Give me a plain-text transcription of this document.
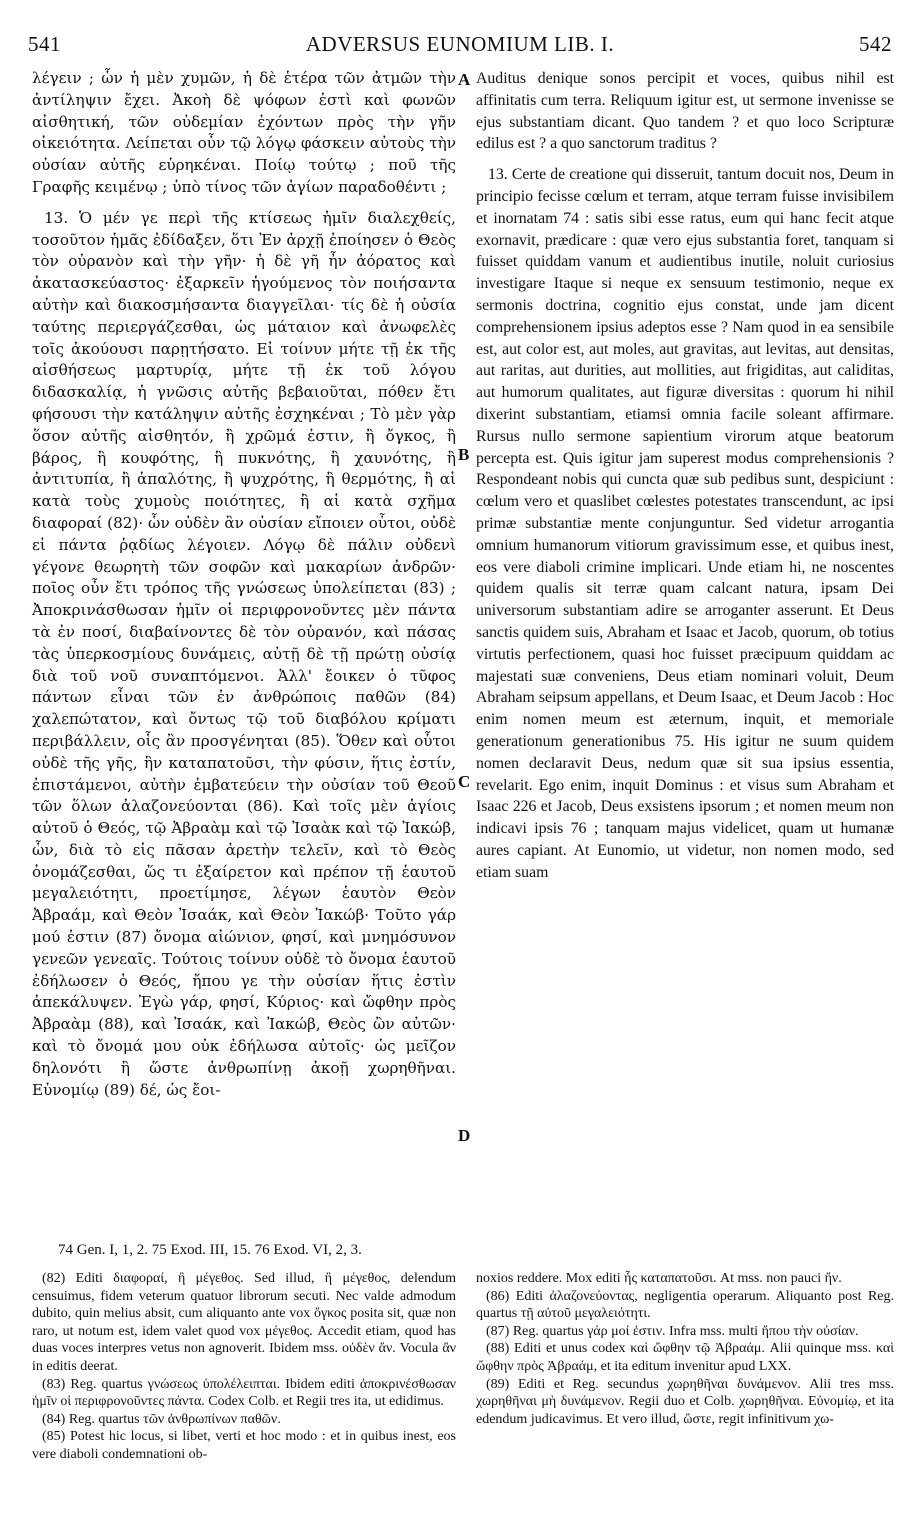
541	ADVERSUS EUNOMIUM LIB. I.	542

λέγειν ; ὧν ἡ μὲν χυμῶν, ἡ δὲ ἑτέρα τῶν ἀτμῶν τὴν ἀντίληψιν ἔχει. Ἀκοὴ δὲ ψόφων ἐστὶ καὶ φωνῶν αἰσθητική, τῶν οὐδεμίαν ἐχόντων πρὸς τὴν γῆν οἰκειότητα. Λείπεται οὖν τῷ λόγῳ φάσκειν αὐτοὺς τὴν οὐσίαν αὐτῆς εὑρηκέναι. Ποίῳ τούτῳ ; ποῦ τῆς Γραφῆς κειμένῳ ; ὑπὸ τίνος τῶν ἁγίων παραδοθέντι ;

13. Ὁ μέν γε περὶ τῆς κτίσεως ἡμῖν διαλεχθείς, τοσοῦτον ἡμᾶς ἐδίδαξεν, ὅτι Ἐν ἀρχῇ ἐποίησεν ὁ Θεὸς τὸν οὐρανὸν καὶ τὴν γῆν· ἡ δὲ γῆ ἦν ἀόρατος καὶ ἀκατασκεύαστος· ἐξαρκεῖν ἡγούμενος τὸν ποιήσαντα αὐτὴν καὶ διακοσμήσαντα διαγγεῖλαι· τίς δὲ ἡ οὐσία ταύτης περιεργάζεσθαι, ὡς μάταιον καὶ ἀνωφελὲς τοῖς ἀκούουσι παρῃτήσατο. Εἰ τοίνυν μήτε τῇ ἐκ τῆς αἰσθήσεως μαρτυρίᾳ, μήτε τῇ ἐκ τοῦ λόγου διδασκαλίᾳ, ἡ γνῶσις αὐτῆς βεβαιοῦται, πόθεν ἔτι φήσουσι τὴν κατάληψιν αὐτῆς ἐσχηκέναι ; Τὸ μὲν γὰρ ὅσον αὐτῆς αἰσθητόν, ἢ χρῶμά ἐστιν, ἢ ὄγκος, ἢ βάρος, ἢ κουφότης, ἢ πυκνότης, ἢ χαυνότης, ἢ ἀντιτυπία, ἢ ἁπαλότης, ἢ ψυχρότης, ἢ θερμότης, ἢ αἱ κατὰ τοὺς χυμοὺς ποιότητες, ἢ αἱ κατὰ σχῆμα διαφοραί (82)· ὧν οὐδὲν ἂν οὐσίαν εἴποιεν οὗτοι, οὐδὲ εἰ πάντα ῥᾳδίως λέγοιεν. Λόγῳ δὲ πάλιν οὐδενὶ γέγονε θεωρητὴ τῶν σοφῶν καὶ μακαρίων ἀνδρῶν· ποῖος οὖν ἔτι τρόπος τῆς γνώσεως ὑπολείπεται (83) ; Ἀποκρινάσθωσαν ἡμῖν οἱ περιφρονοῦντες μὲν πάντα τὰ ἐν ποσί, διαβαίνοντες δὲ τὸν οὐρανόν, καὶ πάσας τὰς ὑπερκοσμίους δυνάμεις, αὐτῇ δὲ τῇ πρώτῃ οὐσίᾳ διὰ τοῦ νοῦ συναπτόμενοι. Ἀλλ' ἔοικεν ὁ τῦφος πάντων εἶναι τῶν ἐν ἀνθρώποις παθῶν (84) χαλεπώτατον, καὶ ὄντως τῷ τοῦ διαβόλου κρίματι περιβάλλειν, οἷς ἂν προσγένηται (85). Ὅθεν καὶ οὗτοι οὐδὲ τῆς γῆς, ἣν καταπατοῦσι, τὴν φύσιν, ἥτις ἐστίν, ἐπιστάμενοι, αὐτὴν ἐμβατεύειν τὴν οὐσίαν τοῦ Θεοῦ τῶν ὅλων ἀλαζονεύονται (86). Καὶ τοῖς μὲν ἁγίοις αὐτοῦ ὁ Θεός, τῷ Ἀβραὰμ καὶ τῷ Ἰσαὰκ καὶ τῷ Ἰακώβ, ὧν, διὰ τὸ εἰς πᾶσαν ἀρετὴν τελεῖν, καὶ τὸ Θεὸς ὀνομάζεσθαι, ὥς τι ἐξαίρετον καὶ πρέπον τῇ ἑαυτοῦ μεγαλειότητι, προετίμησε, λέγων ἑαυτὸν Θεὸν Ἀβραάμ, καὶ Θεὸν Ἰσαάκ, καὶ Θεὸν Ἰακώβ· Τοῦτο γάρ μού ἐστιν (87) ὄνομα αἰώνιον, φησί, καὶ μνημόσυνον γενεῶν γενεαῖς. Τούτοις τοίνυν οὐδὲ τὸ ὄνομα ἑαυτοῦ ἐδήλωσεν ὁ Θεός, ἤπου γε τὴν οὐσίαν ἥτις ἐστὶν ἀπεκάλυψεν. Ἐγὼ γάρ, φησί, Κύριος· καὶ ὤφθην πρὸς Ἀβραὰμ (88), καὶ Ἰσαάκ, καὶ Ἰακώβ, Θεὸς ὢν αὐτῶν· καὶ τὸ ὄνομά μου οὐκ ἐδήλωσα αὐτοῖς· ὡς μεῖζον δηλονότι ἢ ὥστε ἀνθρωπίνῃ ἀκοῇ χωρηθῆναι. Εὐνομίῳ (89) δέ, ὡς ἔοι-

A
B
C
D

Auditus denique sonos percipit et voces, quibus nihil est affinitatis cum terra. Reliquum igitur est, ut sermone invenisse se ejus substantiam dicant. Quo tandem ? et quo loco Scripturæ edilus est ? a quo sanctorum traditus ?

13. Certe de creatione qui disseruit, tantum docuit nos, Deum in principio fecisse cœlum et terram, atque terram fuisse invisibilem et inornatam 74 : satis sibi esse ratus, eum qui hanc fecit atque exornavit, prædicare : quæ vero ejus substantia foret, tanquam si fuisset quiddam vanum et audientibus inutile, noluit curiosius investigare Itaque si neque ex sensuum testimonio, neque ex sermonis doctrina, cognitio ejus constat, unde jam dicent comprehensionem ipsius adeptos esse ? Nam quod in ea sensibile est, aut color est, aut moles, aut gravitas, aut levitas, aut densitas, aut raritas, aut durities, aut mollities, aut frigiditas, aut caliditas, aut humorum qualitates, aut figuræ diversitas : quorum hi nihil dixerint substantiam, etiamsi omnia facile soleant affirmare. Rursus nullo sermone sapientium virorum atque beatorum percepta est. Quis igitur jam superest modus comprehensionis ? Respondeant nobis qui cuncta quæ sub pedibus sunt, despiciunt : cœlum vero et quaslibet cœlestes potestates transcendunt, ac ipsi primæ substantiæ mente conjunguntur. Sed videtur arrogantia omnium humanorum vitiorum gravissimum esse, et quibus inest, eos vere diaboli crimine implicari. Unde etiam hi, ne noscentes quidem qualis sit terræ quam calcant natura, ipsam Dei universorum substantiam adire se arroganter asserunt. Et Deus sanctis quidem suis, Abraham et Isaac et Jacob, quorum, ob totius virtutis perfectionem, quasi hoc fuisset præcipuum quiddam ac majestati suæ conveniens, Deus etiam nominari voluit, Deum Abraham seipsum appellans, et Deum Isaac, et Deum Jacob : Hoc enim nomen meum est æternum, inquit, et memoriale generationum generationibus 75. His igitur ne suum quidem nomen declaravit Deus, nedum quæ sit sua ipsius essentia, revelarit. Ego enim, inquit Dominus : et visus sum Abraham et Isaac 226 et Jacob, Deus exsistens ipsorum ; et nomen meum non indicavi ipsis 76 ; tanquam majus videlicet, quam ut humanæ aures capiant. At Eunomio, ut videtur, non nomen modo, sed etiam suam

74 Gen. I, 1, 2. 75 Exod. III, 15. 76 Exod. VI, 2, 3.

(82) Editi διαφοραί, ἢ μέγεθος. Sed illud, ἢ μέγεθος, delendum censuimus, fidem veterum quatuor librorum secuti. Nec valde admodum dubito, quin melius absit, cum aliquanto ante vox ὄγκος posita sit, quæ non raro, ut notum est, idem valet quod vox μέγεθος. Accedit etiam, quod has duas voces interpres vetus non agnoverit. Ibidem mss. οὐδὲν ἄν. Vocula ἂν in editis deerat.

(83) Reg. quartus γνώσεως ὑπολέλειπται. Ibidem editi ἀποκρινέσθωσαν ἡμῖν οἱ περιφρονοῦντες πάντα. Codex Colb. et Regii tres ita, ut edidimus.

(84) Reg. quartus τῶν ἀνθρωπίνων παθῶν.

(85) Potest hic locus, si libet, verti et hoc modo : et in quibus inest, eos vere diaboli condemnationi ob-

noxios reddere. Mox editi ἧς καταπατοῦσι. At mss. non pauci ἥν.

(86) Editi ἀλαζονεύοντας, negligentia operarum. Aliquanto post Reg. quartus τῇ αὐτοῦ μεγαλειότητι.

(87) Reg. quartus γάρ μοί ἐστιν. Infra mss. multi ἤπου τὴν οὐσίαν.

(88) Editi et unus codex καὶ ὤφθην τῷ Ἀβραάμ. Alii quinque mss. καὶ ὤφθην πρὸς Ἀβραάμ, et ita editum invenitur apud LXX.

(89) Editi et Reg. secundus χωρηθῆναι δυνάμενον. Alii tres mss. χωρηθῆναι μὴ δυνάμενον. Regii duo et Colb. χωρηθῆναι. Εὐνομίῳ, et ita edendum judicavimus. Et vero illud, ὥστε, regit infinitivum χω-
